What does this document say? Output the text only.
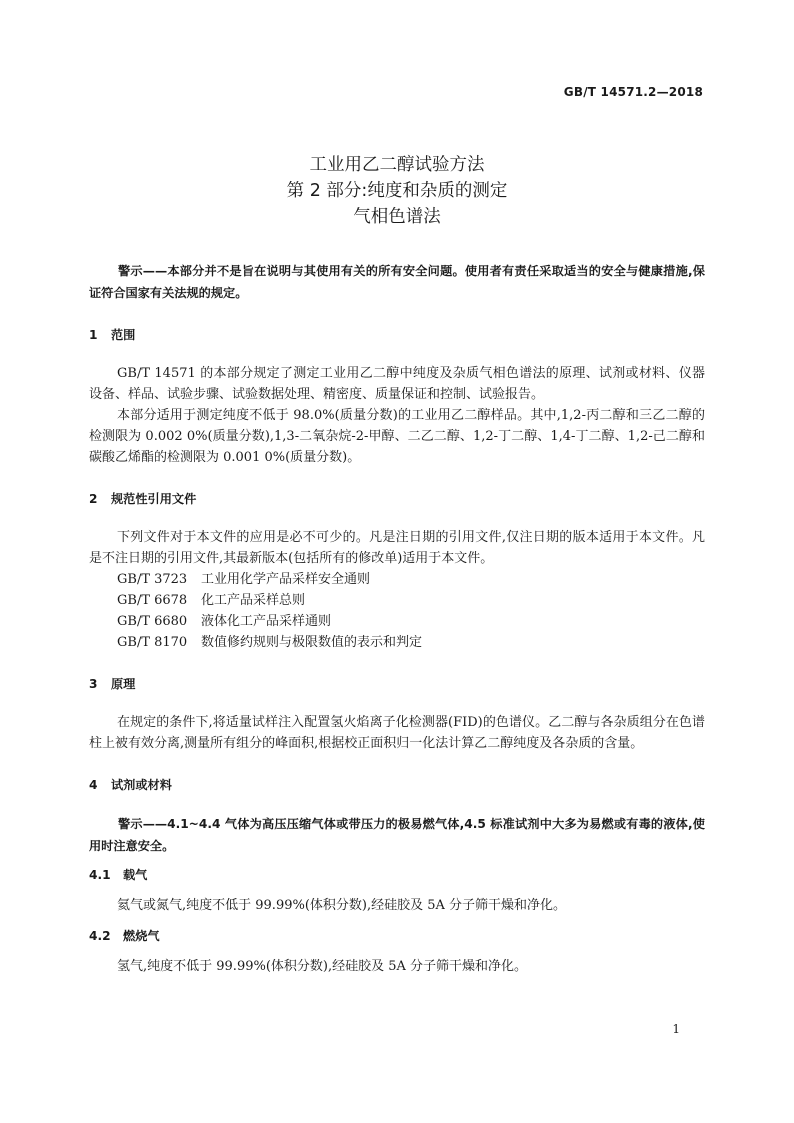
GB/T 14571.2—2018
工业用乙二醇试验方法
第 2 部分:纯度和杂质的测定
气相色谱法

警示——本部分并不是旨在说明与其使用有关的所有安全问题。使用者有责任采取适当的安全与健康措施,保证符合国家有关法规的规定。

1 范围

GB/T 14571 的本部分规定了测定工业用乙二醇中纯度及杂质气相色谱法的原理、试剂或材料、仪器设备、样品、试验步骤、试验数据处理、精密度、质量保证和控制、试验报告。

本部分适用于测定纯度不低于 98.0%(质量分数)的工业用乙二醇样品。其中,1,2-丙二醇和三乙二醇的检测限为 0.002 0%(质量分数),1,3-二氧杂烷-2-甲醇、二乙二醇、1,2-丁二醇、1,4-丁二醇、1,2-己二醇和碳酸乙烯酯的检测限为 0.001 0%(质量分数)。

2 规范性引用文件

下列文件对于本文件的应用是必不可少的。凡是注日期的引用文件,仅注日期的版本适用于本文件。凡是不注日期的引用文件,其最新版本(包括所有的修改单)适用于本文件。

GB/T 3723	工业用化学产品采样安全通则
GB/T 6678	化工产品采样总则
GB/T 6680	液体化工产品采样通则
GB/T 8170	数值修约规则与极限数值的表示和判定

3 原理

在规定的条件下,将适量试样注入配置氢火焰离子化检测器(FID)的色谱仪。乙二醇与各杂质组分在色谱柱上被有效分离,测量所有组分的峰面积,根据校正面积归一化法计算乙二醇纯度及各杂质的含量。

4 试剂或材料

警示——4.1~4.4 气体为高压压缩气体或带压力的极易燃气体,4.5 标准试剂中大多为易燃或有毒的液体,使用时注意安全。

4.1 载气

氦气或氮气,纯度不低于 99.99%(体积分数),经硅胶及 5A 分子筛干燥和净化。

4.2 燃烧气

氢气,纯度不低于 99.99%(体积分数),经硅胶及 5A 分子筛干燥和净化。

1
